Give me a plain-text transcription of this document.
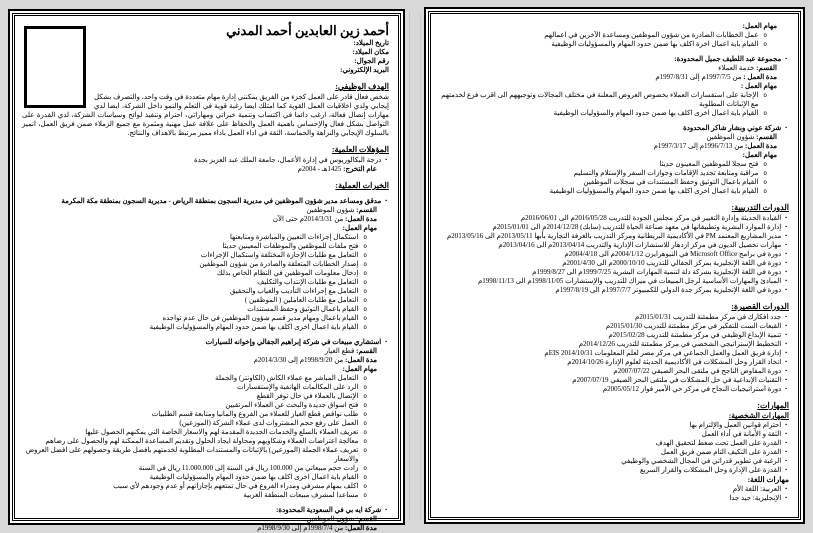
أحمد زين العابدين أحمد المدني
تاريخ الميلاد:
مكان الميلاد:
رقم الجوال:
البريد الإلكتروني:
الهدف الوظيفي:
شخص فعال قادر على العمل كجزء من الفريق يمكنني إدارة مهام متعددة في وقت واحد، والتصرف بشكل إيجابي ولدي اخلاقيات العمل القوية كما امتلك ايضا رغبة قوية في التعلم والنمو داخل الشركة، ايضا لدي مهارات إتصال فعالة، ارغب دائما في اكتساب وتنمية خبراتي ومهاراتي، احترام وتنفيذ لوائح وسياسات الشركة، لدي القدرة على التواصل بشكل فعال والإحساس باهمية العمل والحفاظ على علاقة عمل مهنية ومثمرة مع جميع الزملاء ضمن فريق العمل، اتميز بالسلوك الإيجابي والنزاهة والحماسة، الثقة في اداء العمل باداء مميز مرتبط بالاهداف والنتائج.
المؤهلات العلمية:
▪
درجة البكالوريوس في إدارة الأعمال، جامعة الملك عبد العزيز بجدة
عام التخرج: 1425هـ - 2004م
الخبرات العملية:
▪
مدقق ومساعد مدير شؤون الموظفين في مديرية السجون بمنطقة الرياض - مديرية السجون بمنطقة مكة المكرمة
القسم: شؤون الموظفين
مدة العمل: من 2014/3/31م حتى الآن
مهام العمل:
o
استكمال إجراءات التعيين والمباشرة ومتابعتها
o
فتح ملفات للموظفين والموظفات المعينين حديثا
o
التعامل مع طلبات الإجازة المختلفة واستكمال الإجراءات
o
إصدار الخطابات المتعلقة والصادرة من شؤون الموظفين
o
إدخال معلومات الموظفين في النظام الخاص بذلك
o
التعامل مع طلبات الإنتداب والتكليف
o
التعامل مع إجراءات التأديب والغياب والتحقيق
o
التعامل مع طلبات العاملين ( الموظفين )
o
القيام باعمال التوثيق وحفظ المستندات
o
القيام باعمال ومهام مدير قسم شؤون الموظفين في حال عدم تواجده
o
القيام باية اعمال اخرى اكلف بها ضمن حدود المهام والمسؤوليات الوظيفية
▪
استشاري مبيعات في شركة إبراهيم الجفالي وإخوانه للسيارات
القسم: قطع الغيار
مدة العمل: من 1998/9/20م إلى 2014/3/30م
مهام العمل:
o
التعامل المباشر مع عملاء الكاش (الكاونتر) والجملة
o
الرد على المكالمات الهاتفية والإستفسارات
o
الإتصال بالعملاء في حال توفر القطع
o
فتح اسواق جديدة والبحث عن العملاء المرتقبين
o
طلب نواقص قطع الغيار للعملاء من الفروع والمانيا ومتابعة قسم الطلبيات
o
العمل على رفع حجم المشتروات لدى عملاء الشركة (الموزعين)
o
تعريف العملاء بالسلع والخدمات الجديدة المقدمة لهم والاسعار الخاصة التي يمكنهم الحصول عليها
o
معالجة اعتراضات العملاء وشكاويهم ومحاولة ايجاد الحلول وتقديم المساعدة الممكنة لهم والحصول على رضاهم
o
تعريف عملاء الجملة (الموزعين) بالإثباتات والمستندات المطلوبة لخدمتهم بافضل طريقة وحصولهم على افضل العروض والاسعار
o
زادت حجم مبيعاتي من 100.000 ريال في السنة إلى 11.000.000 ريال في السنة
o
القيام باية اعمال اخرى اكلف بها ضمن حدود المهام والمسؤوليات الوظيفية
o
اكلف بمهام مشرفي ومدراء الفروع في حال تمتعهم بإجازاتهم أو عدم وجودهم لأي سبب
o
مساعدا لمشرف مبيعات المنطقة الغربية
▪
شركة ايه بي في السعودية المحدودة:
القسم: شؤون الموظفين
مدة العمل: من 1998/7/4م إلى 1998/9/30م
مهام العمل:
o
عمل الخطابات الصادرة من شؤون الموظفين ومساعدة الآخرين في اعمالهم
o
القيام باية اعمال اخرة اكلف بها ضمن حدود المهام والمسؤوليات الوظيفية
▪
مجموعة عبد اللطيف جميل المحدودة:
القسم: خدمة العملاء
مدة العمل : من 1997/7/5م إلى 1997/8/31م
مهام العمل :
o
الإجابة على استفسارات العملاء بخصوص العروض المعلنة في مختلف المجالات وتوجيههم الى اقرب فرع لخدمتهم مع الإثباتات المطلوبة
o
القيام باية اعمال اخرى اكلف بها ضمن حدود المهام والسؤوليات الوظيفية
▪
شركة عوني وبشار شاكر المحدودة
القسم: شؤون الموظفين
مدة العمل: من 1996/7/13م إلى 1997/3/17م
مهام العمل:
o
فتح سجلا للموظفين المعينون حديثا
o
مراقبة ومتابعة تجديد الإقامات وجوازات السفر والإستلام والتسليم
o
القيام باعمال التوثيق وحفظ المستندات في سجلات الموظفين
o
القيام باية اعمال اخرى اكلف بها ضمن حدود المهام والمسؤوليات الوظيفية
الدورات التدريبية:
▪
القيادة الحديثة وإدارة التغيير في مركز مجلس الجودة للتدريب 2016/05/28م الى 2016/06/01م
▪
إدارة الموارد البشرية وتطبيقاتها في معهد صناعة الحياة للتدريب (سابك) 2014/12/28م الى 2015/01/01م
▪
مدير المشاريع المعتمد PM في الأكاديمية البريطانية ومركز التدريب بالغرفة التجارية بأبها 2013/05/11م الى 2013/05/16م
▪
مهارات تحصيل الديون في مركز ازدهار للاستشارات الإدارية والتدريب 2013/04/14م الى 2013/04/16م
▪
دورة في برامج Microsoft Office في النيوهرايزن 2004/1/12م الى 2004/4/18م
▪
دورة في اللغة الإنجليزية بمركز الجفالي للتدريب 2000/10/10م الى 2001/4/30م
▪
دورة في اللغة الإنجليزية بشركة دلة لتنمية المهارات البشرية 1999/7/25م الى 1999/8/27م
▪
المبادئ والمهارات الأساسية لرجل المبيعات في ميراك للتدريب والإستشارات 1998/11/05م الى 1998/11/13م
▪
دورة في اللغة الإنجليزية بمركز جدة الدولي للكمبيوتر 1997/7/7م الى 1997/8/19م
الدورات القصيرة:
▪
جدد افكارك في مركز مطمئنة للتدريب 2015/01/31م
▪
القبعات الست للتفكير في مركز مطمئنة للتدريب 2015/01/30م
▪
تنمية الإبداع الوظيفي في مركز مطمئنة للتدريب 2015/02/28م
▪
التخطيط الإستراتيجي الشخصي في مركز مطمئنة للتدريب 2014/12/26م
▪
إدارة فريق العمل والعمل الجماعي في مركز مصر لعلم المعلومات EIS 2014/10/31م
▪
اتخاذ القرار وحل المشكلات في الأكاديمية الحديثة لعلوم الإدارة 2014/10/26م
▪
دورة المفاوض الناجح في ملتقى البحر الصيفي 2007/07/22م
▪
التقنيات الإبداعية في حل المشكلات في ملتقى البحر الصيفي 2007/07/19م
▪
دورة استراتيجيات النجاح في مركز حي الأمير فواز 2005/05/12م
المهارات:
المهارات الشخصية:
▪
احترام قوانين العمل والإلتزام بها
▪
الثقة و الأمانة في أداء العمل
▪
القدرة على العمل تحت ضغط لتحقيق الهدف
▪
القدرة على التكيف التام ضمن فريق العمل
▪
الرغبة في تطوير قدراتي في المجال الشخصي والوظيفي
▪
القدرة على الإدارة وحل المشكلات والقرار السريع
مهارات اللغة:
▪
العربية: اللغة الأم
▪
الإنجليزية: جيد جدا
